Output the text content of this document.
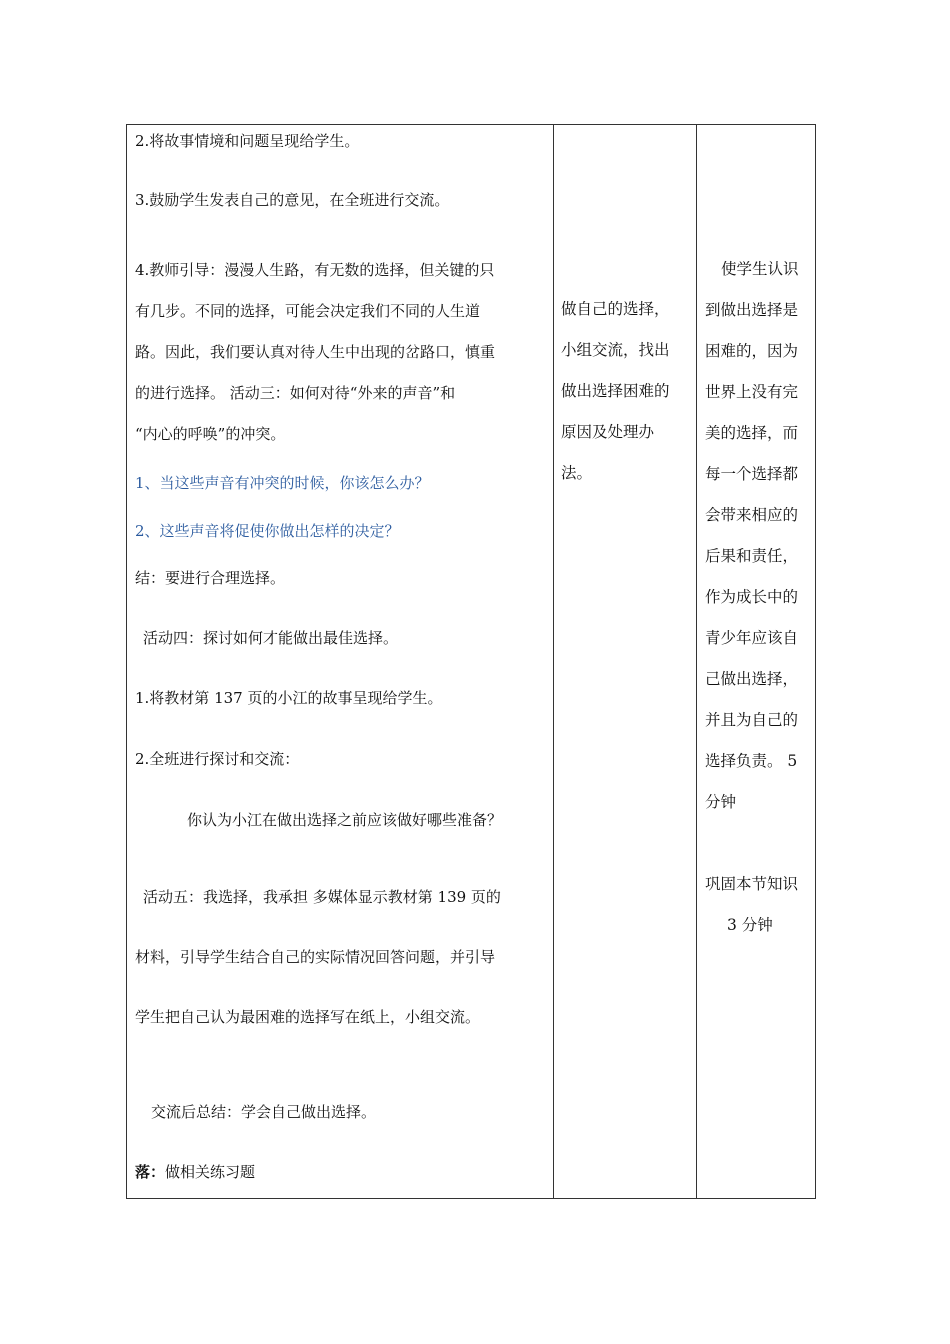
2.将故事情境和问题呈现给学生。

3.鼓励学生发表自己的意见，在全班进行交流。

4.教师引导：漫漫人生路，有无数的选择，但关键的只
有几步。不同的选择，可能会决定我们不同的人生道
路。因此，我们要认真对待人生中出现的岔路口，慎重
的进行选择。 活动三：如何对待“外来的声音”和
“内心的呼唤”的冲突。

1、当这些声音有冲突的时候，你该怎么办？

2、这些声音将促使你做出怎样的决定？

结：要进行合理选择。

活动四：探讨如何才能做出最佳选择。

1.将教材第 137 页的小江的故事呈现给学生。

2.全班进行探讨和交流：

你认为小江在做出选择之前应该做好哪些准备？

活动五：我选择，我承担 多媒体显示教材第 139 页的
材料，引导学生结合自己的实际情况回答问题，并引导
学生把自己认为最困难的选择写在纸上，小组交流。

交流后总结：学会自己做出选择。

落：做相关练习题

做自己的选择，
小组交流，找出
做出选择困难的
原因及处理办
法。
使学生认识
到做出选择是
困难的，因为
世界上没有完
美的选择，而
每一个选择都
会带来相应的
后果和责任，
作为成长中的
青少年应该自
己做出选择，
并且为自己的
选择负责。 5
分钟
巩固本节知识
3 分钟
